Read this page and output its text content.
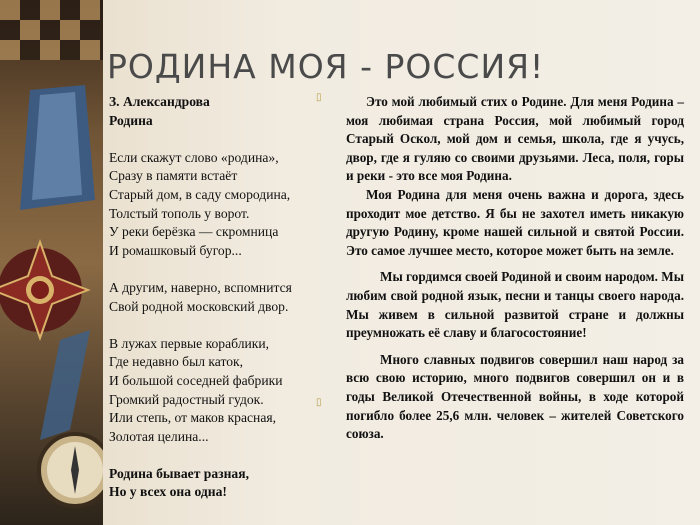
РОДИНА МОЯ - РОССИЯ!
З. Александрова
Родина
Если скажут слово «родина»,
Сразу в памяти встаёт
Старый дом, в саду смородина,
Толстый тополь у ворот.
У реки берёзка — скромница
И ромашковый бугор...
А другим, наверно, вспомнится
Свой родной московский двор.
В лужах первые кораблики,
Где недавно был каток,
И большой соседней фабрики
Громкий радостный гудок.
Или степь, от маков красная,
Золотая целина...
Родина бывает разная,
Но у всех она одна!
▯
▯

Это мой любимый стих о Родине. Для меня Родина – моя любимая страна Россия, мой любимый город Старый Оскол, мой дом и семья, школа, где я учусь, двор, где я гуляю со своими друзьями. Леса, поля, горы и реки - это все моя Родина.

Моя Родина для меня очень важна и дорога, здесь проходит мое детство. Я бы не захотел иметь никакую другую Родину, кроме нашей сильной и святой России. Это самое лучшее место, которое может быть на земле.

Мы гордимся своей Родиной и своим народом. Мы любим свой родной язык, песни и танцы своего народа. Мы живем в сильной развитой стране и должны преумножать её славу и благосостояние!

Много славных подвигов совершил наш народ за всю свою историю, много подвигов совершил он и в годы Великой Отечественной войны, в ходе которой погибло более 25,6 млн. человек – жителей Советского союза.
